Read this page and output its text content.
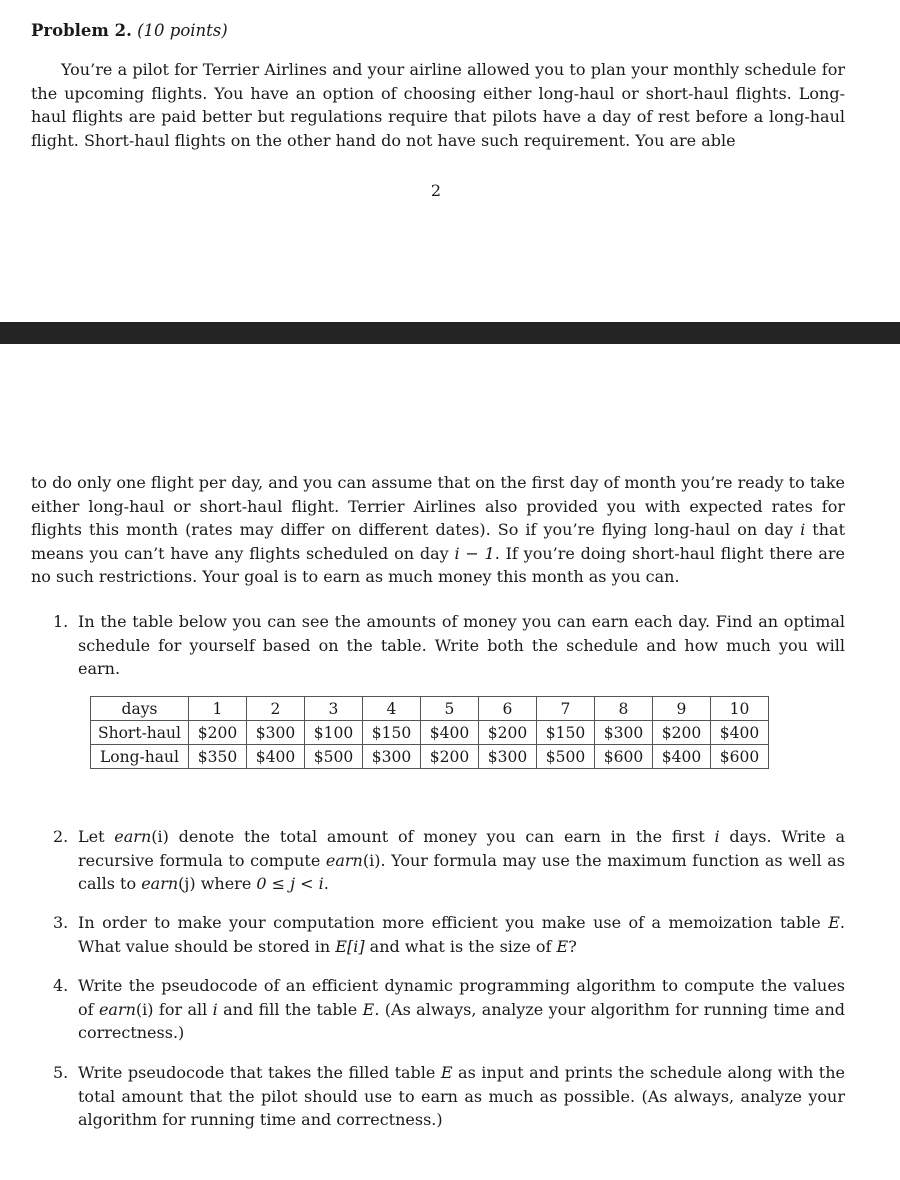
Problem 2. (10 points)

You’re a pilot for Terrier Airlines and your airline allowed you to plan your monthly schedule for the upcoming flights. You have an option of choosing either long-haul or short-haul flights. Long-haul flights are paid better but regulations require that pilots have a day of rest before a long-haul flight. Short-haul flights on the other hand do not have such requirement. You are able

2

to do only one flight per day, and you can assume that on the first day of month you’re ready to take either long-haul or short-haul flight. Terrier Airlines also provided you with expected rates for flights this month (rates may differ on different dates). So if you’re flying long-haul on day i that means you can’t have any flights scheduled on day i − 1. If you’re doing short-haul flight there are no such restrictions. Your goal is to earn as much money this month as you can.

1. In the table below you can see the amounts of money you can earn each day. Find an optimal schedule for yourself based on the table. Write both the schedule and how much you will earn.
2. Let earn(i) denote the total amount of money you can earn in the first i days. Write a recursive formula to compute earn(i). Your formula may use the maximum function as well as calls to earn(j) where 0 ≤ j < i.
3. In order to make your computation more efficient you make use of a memoization table E. What value should be stored in E[i] and what is the size of E?
4. Write the pseudocode of an efficient dynamic programming algorithm to compute the values of earn(i) for all i and fill the table E. (As always, analyze your algorithm for running time and correctness.)
5. Write pseudocode that takes the filled table E as input and prints the schedule along with the total amount that the pilot should use to earn as much as possible. (As always, analyze your algorithm for running time and correctness.)
days	1	2	3	4	5	6	7	8	9	10
Short-haul	$200	$300	$100	$150	$400	$200	$150	$300	$200	$400
Long-haul	$350	$400	$500	$300	$200	$300	$500	$600	$400	$600
